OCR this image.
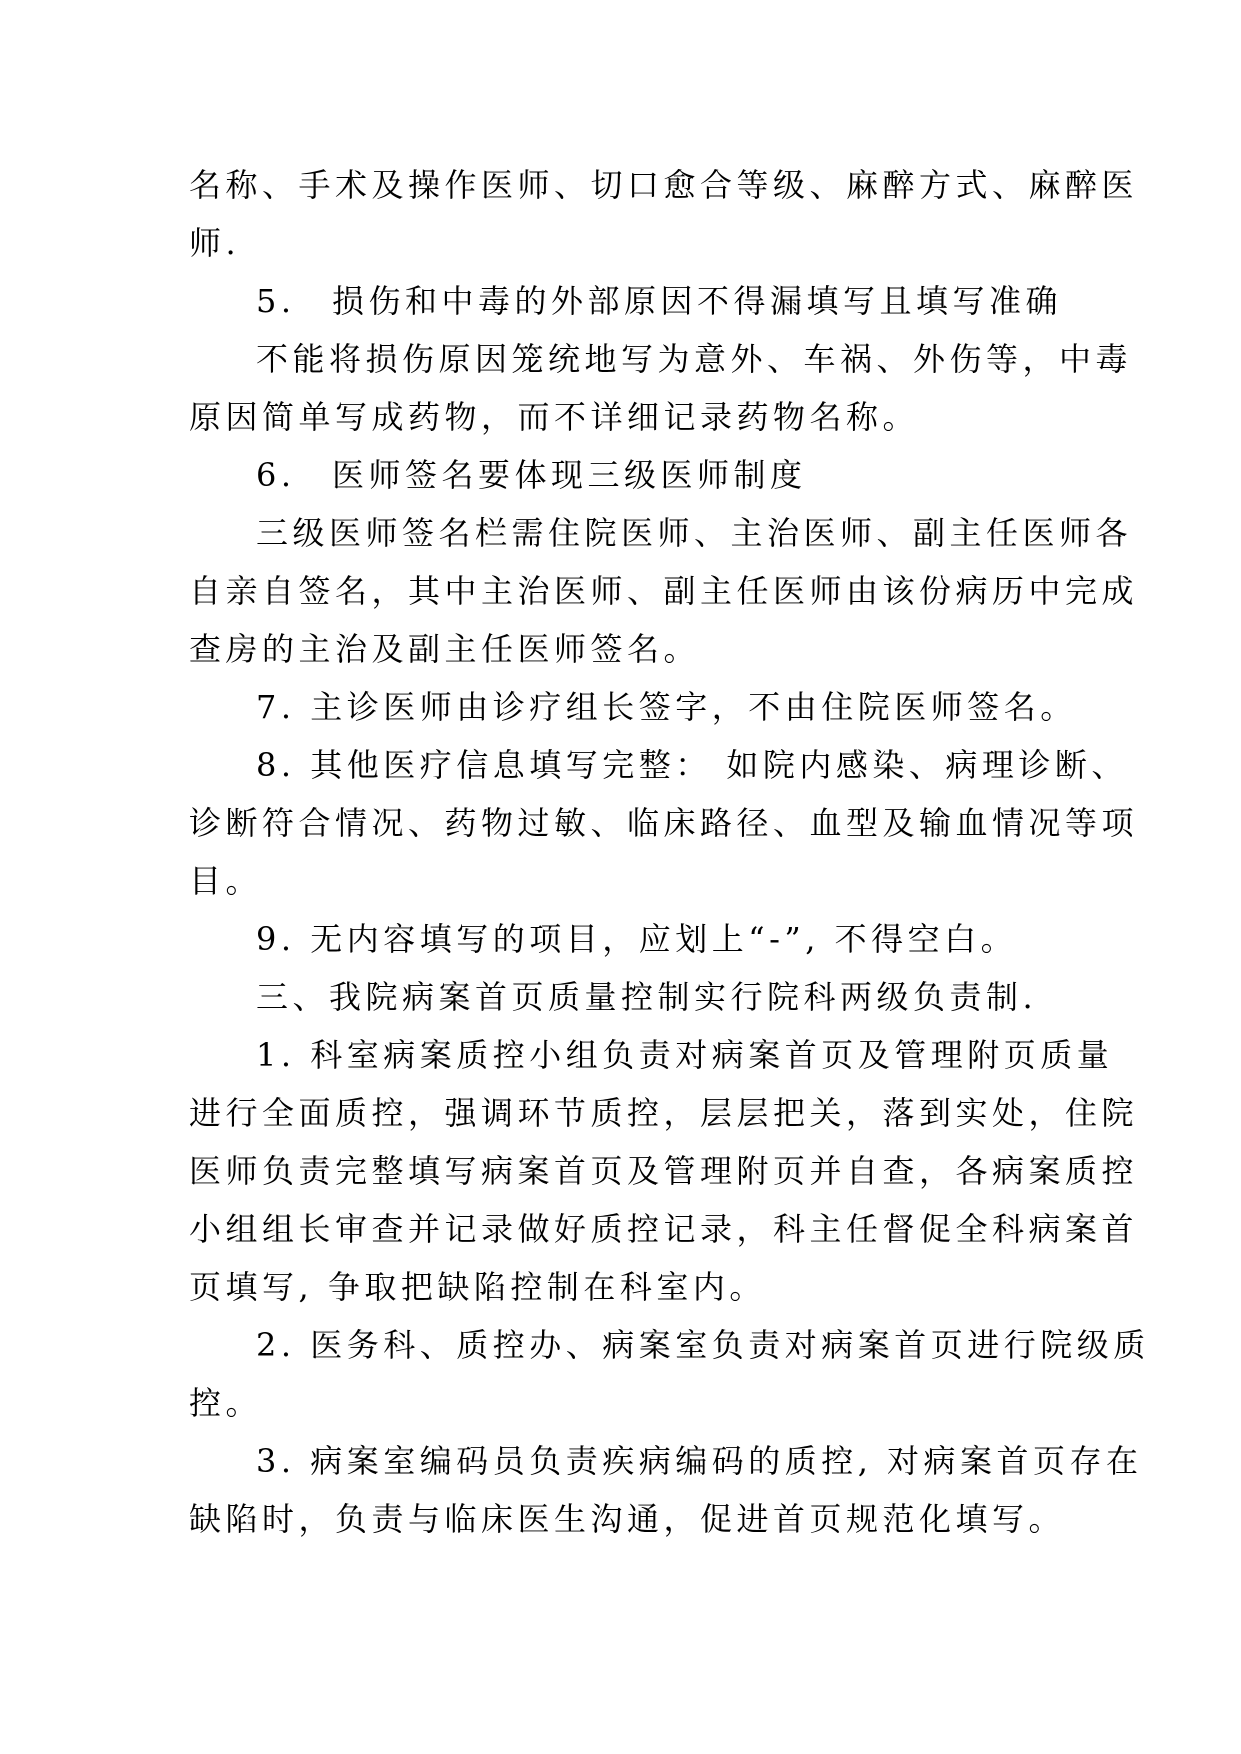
名称、手术及操作医师、切口愈合等级、麻醉方式、麻醉医
师.
5.　损伤和中毒的外部原因不得漏填写且填写准确
不能将损伤原因笼统地写为意外、车祸、外伤等，中毒
原因简单写成药物，而不详细记录药物名称。
6.　医师签名要体现三级医师制度
三级医师签名栏需住院医师、主治医师、副主任医师各
自亲自签名，其中主治医师、副主任医师由该份病历中完成
查房的主治及副主任医师签名。
7. 主诊医师由诊疗组长签字，不由住院医师签名。
8. 其他医疗信息填写完整： 如院内感染、病理诊断、
诊断符合情况、药物过敏、临床路径、血型及输血情况等项
目。
9. 无内容填写的项目，应划上“-”, 不得空白。
三、我院病案首页质量控制实行院科两级负责制.
1. 科室病案质控小组负责对病案首页及管理附页质量
进行全面质控，强调环节质控，层层把关，落到实处，住院
医师负责完整填写病案首页及管理附页并自查，各病案质控
小组组长审查并记录做好质控记录，科主任督促全科病案首
页填写, 争取把缺陷控制在科室内。
2. 医务科、质控办、病案室负责对病案首页进行院级质
控。
3. 病案室编码员负责疾病编码的质控, 对病案首页存在
缺陷时，负责与临床医生沟通，促进首页规范化填写。
